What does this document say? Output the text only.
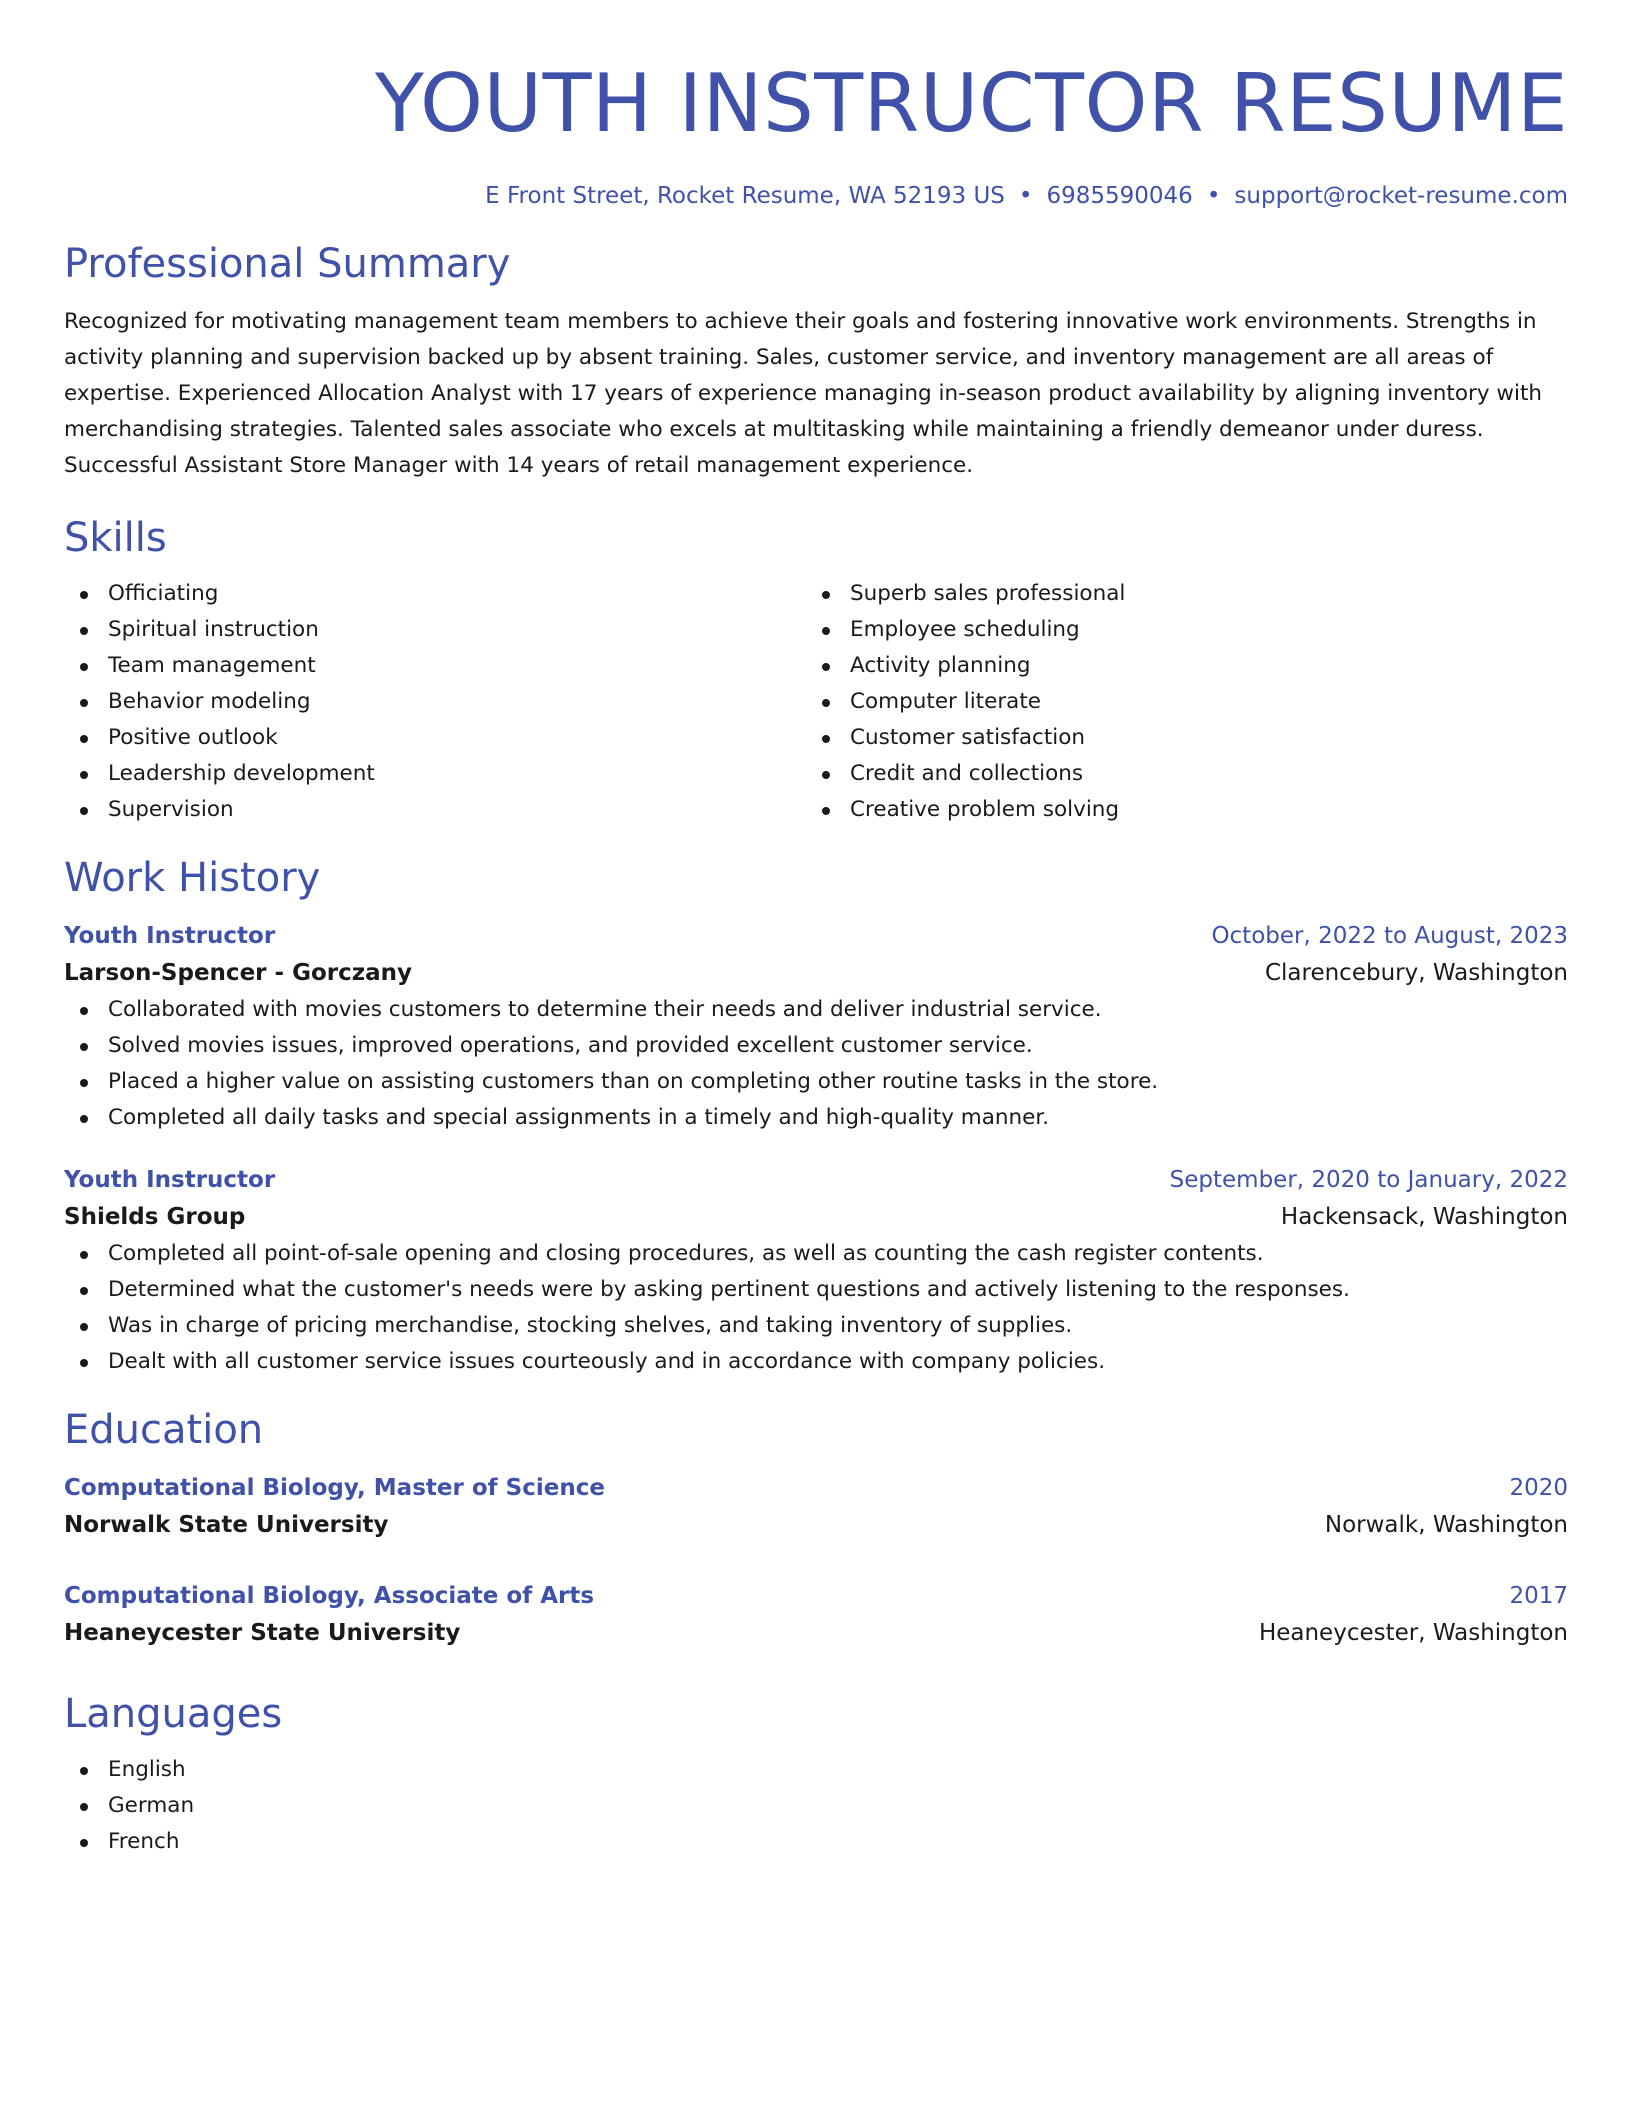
YOUTH INSTRUCTOR RESUME
E Front Street, Rocket Resume, WA 52193 US • 6985590046 • support@rocket-resume.com
Professional Summary

Recognized for motivating management team members to achieve their goals and fostering innovative work environments. Strengths in activity planning and supervision backed up by absent training. Sales, customer service, and inventory management are all areas of expertise. Experienced Allocation Analyst with 17 years of experience managing in-season product availability by aligning inventory with merchandising strategies. Talented sales associate who excels at multitasking while maintaining a friendly demeanor under duress. Successful Assistant Store Manager with 14 years of retail management experience.

Skills
Officiating
Spiritual instruction
Team management
Behavior modeling
Positive outlook
Leadership development
Supervision
Superb sales professional
Employee scheduling
Activity planning
Computer literate
Customer satisfaction
Credit and collections
Creative problem solving
Work History
Youth Instructor	October, 2022 to August, 2023
Larson-Spencer - Gorczany	Clarencebury, Washington
Collaborated with movies customers to determine their needs and deliver industrial service.
Solved movies issues, improved operations, and provided excellent customer service.
Placed a higher value on assisting customers than on completing other routine tasks in the store.
Completed all daily tasks and special assignments in a timely and high-quality manner.
Youth Instructor	September, 2020 to January, 2022
Shields Group	Hackensack, Washington
Completed all point-of-sale opening and closing procedures, as well as counting the cash register contents.
Determined what the customer's needs were by asking pertinent questions and actively listening to the responses.
Was in charge of pricing merchandise, stocking shelves, and taking inventory of supplies.
Dealt with all customer service issues courteously and in accordance with company policies.
Education
Computational Biology, Master of Science	2020
Norwalk State University	Norwalk, Washington
Computational Biology, Associate of Arts	2017
Heaneycester State University	Heaneycester, Washington
Languages
English
German
French
